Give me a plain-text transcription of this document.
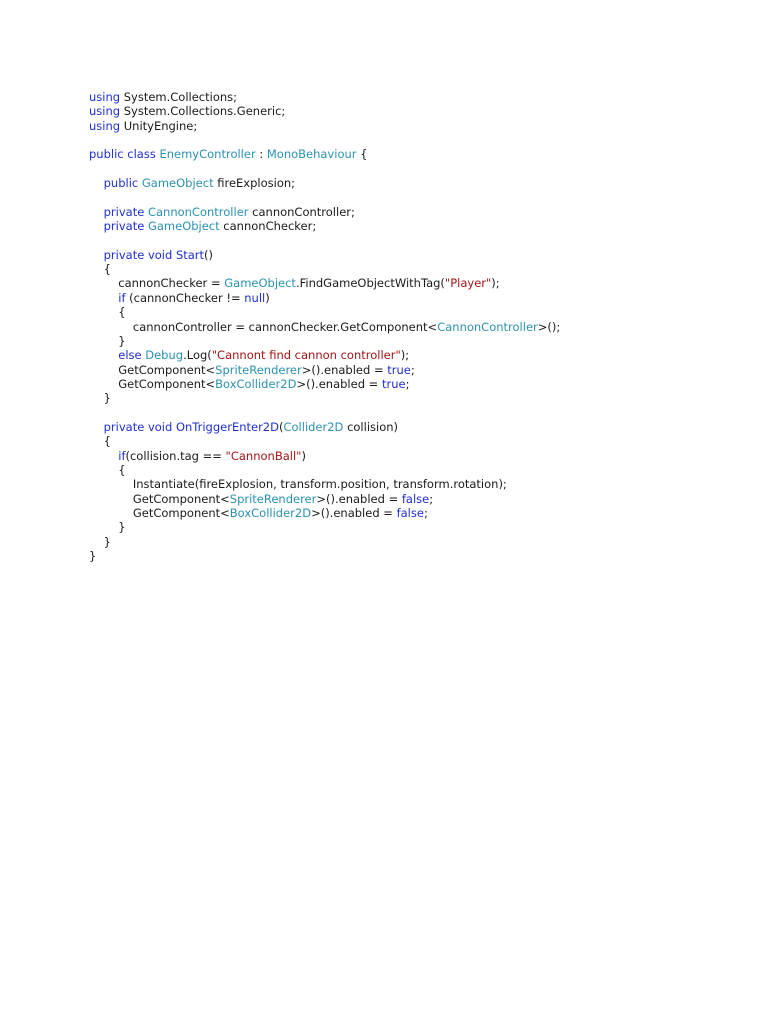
using System.Collections;
using System.Collections.Generic;
using UnityEngine;
public class EnemyController : MonoBehaviour {
public GameObject fireExplosion;
private CannonController cannonController;
private GameObject cannonChecker;
private void Start()
{
cannonChecker = GameObject.FindGameObjectWithTag("Player");
if (cannonChecker != null)
{
cannonController = cannonChecker.GetComponent<CannonController>();
}
else Debug.Log("Cannont find cannon controller");
GetComponent<SpriteRenderer>().enabled = true;
GetComponent<BoxCollider2D>().enabled = true;
}
private void OnTriggerEnter2D(Collider2D collision)
{
if(collision.tag == "CannonBall")
{
Instantiate(fireExplosion, transform.position, transform.rotation);
GetComponent<SpriteRenderer>().enabled = false;
GetComponent<BoxCollider2D>().enabled = false;
}
}
}
